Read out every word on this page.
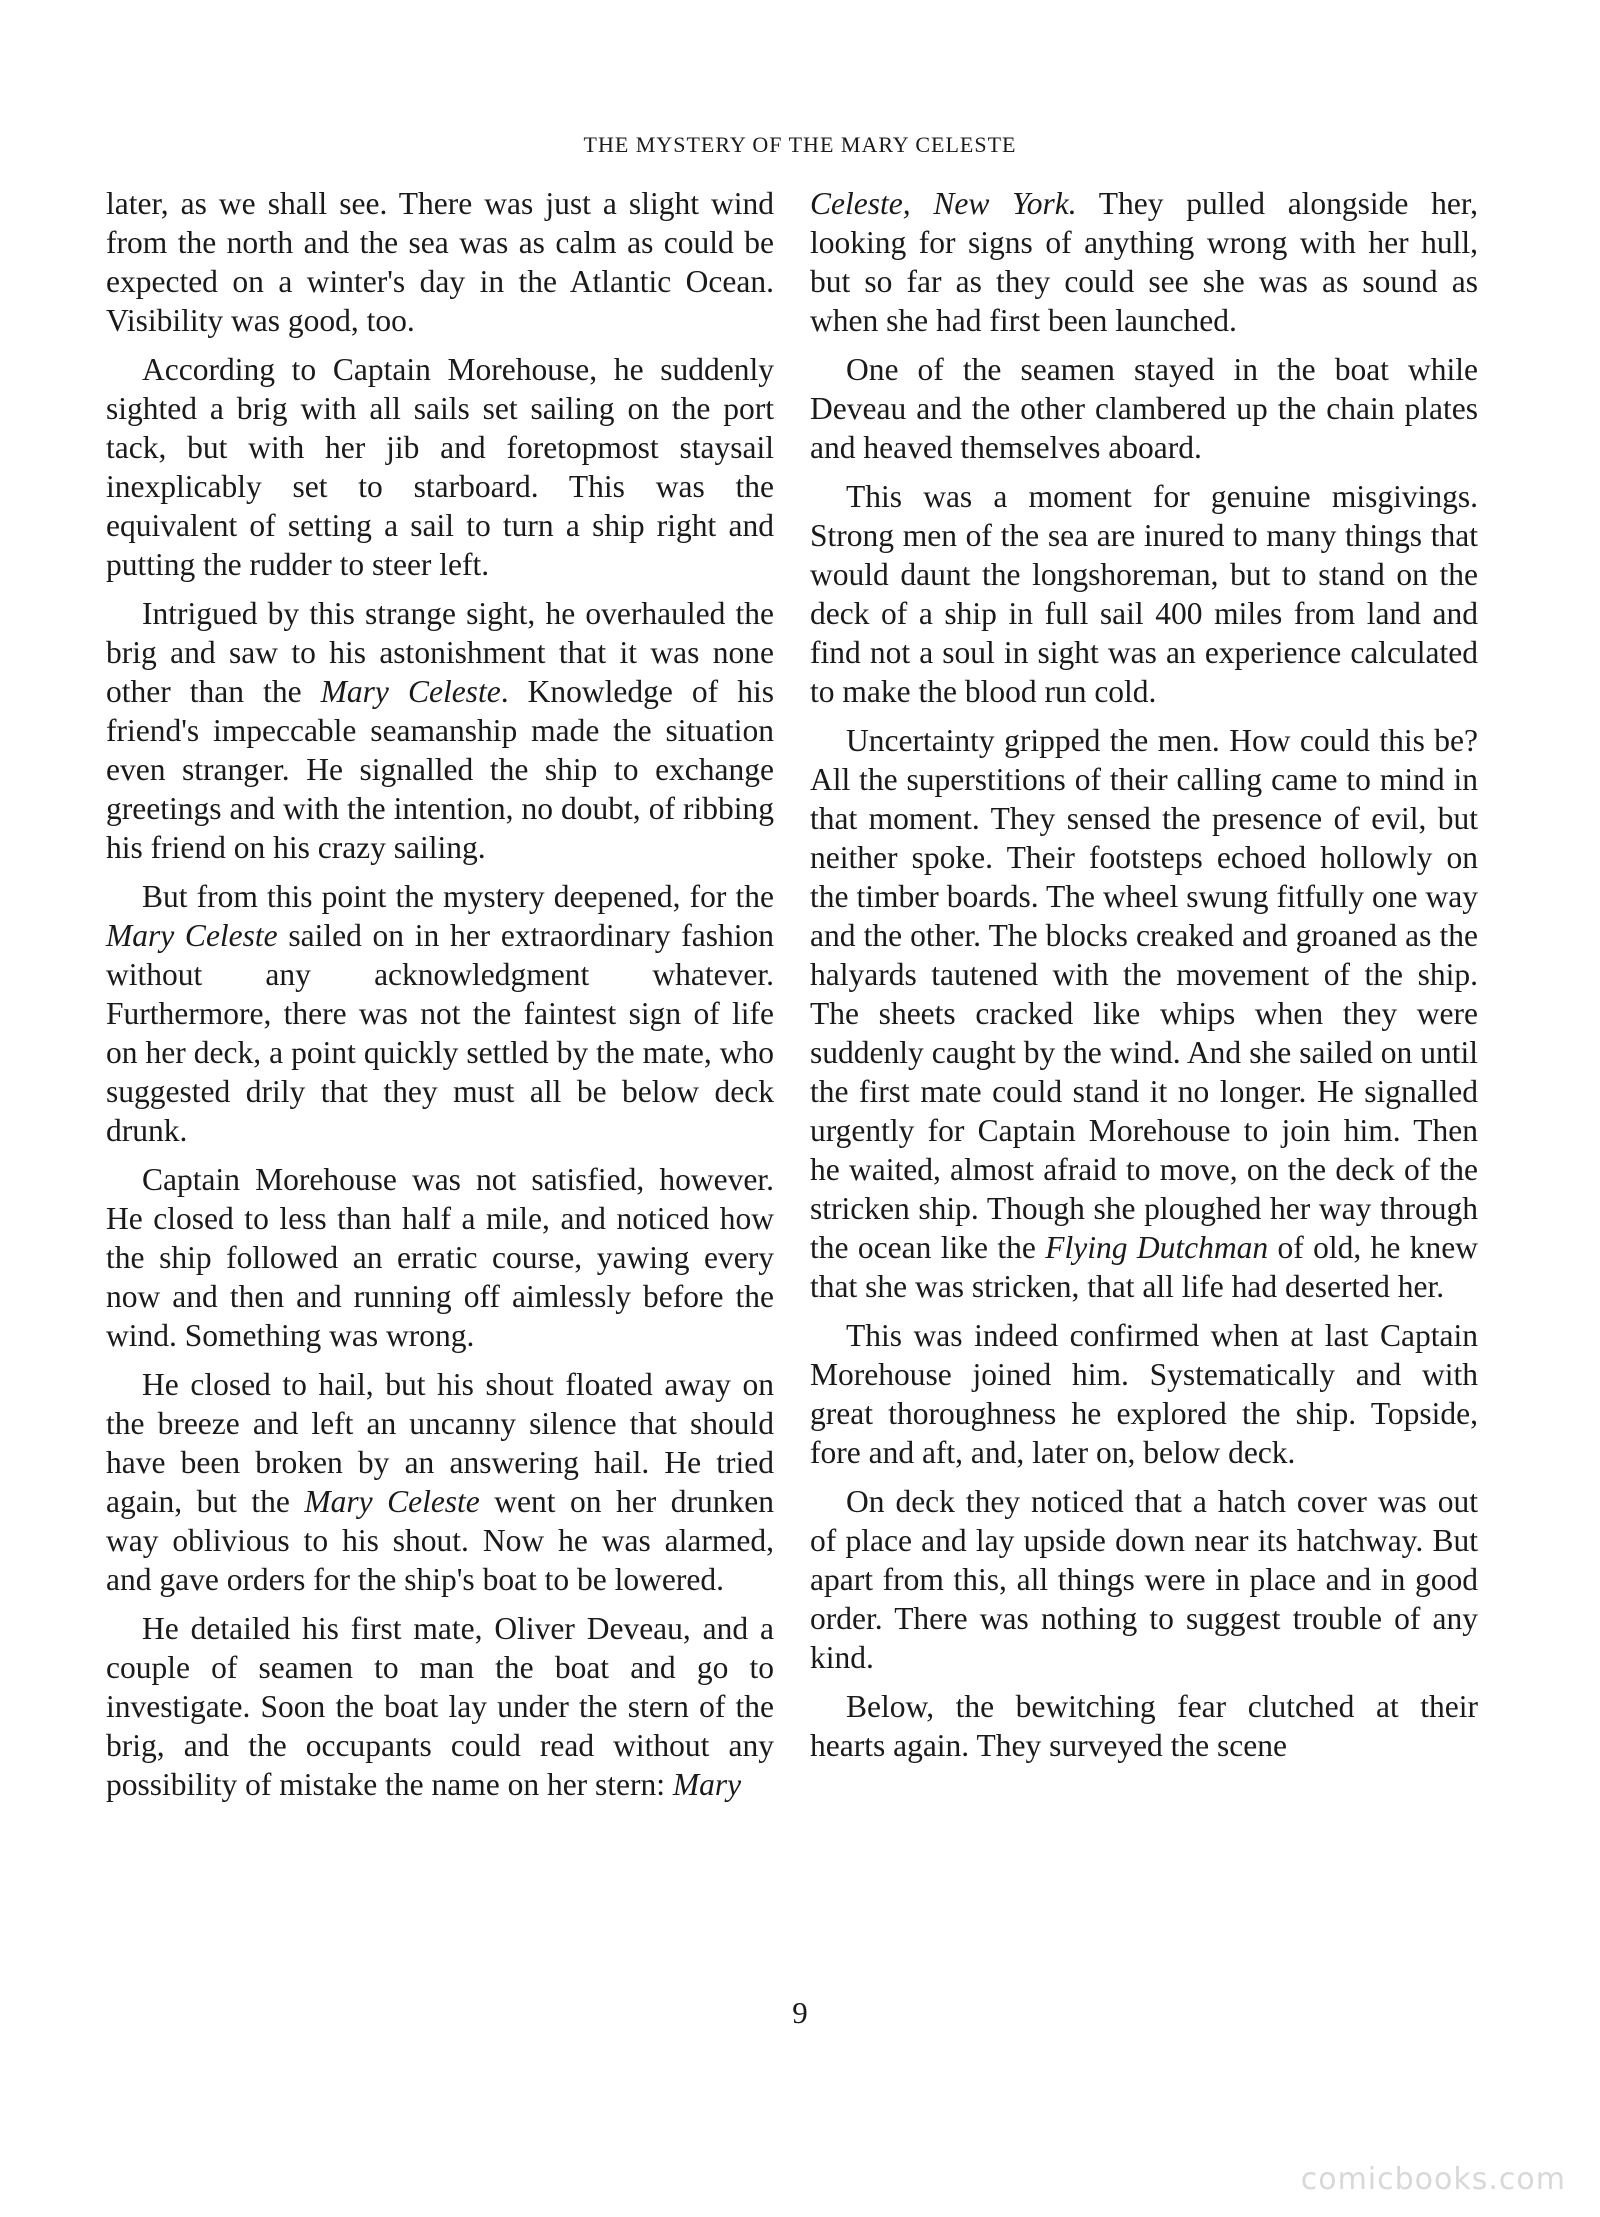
THE MYSTERY OF THE MARY CELESTE

later, as we shall see. There was just a slight wind from the north and the sea was as calm as could be expected on a winter's day in the Atlantic Ocean. Visibility was good, too.

According to Captain Morehouse, he suddenly sighted a brig with all sails set sailing on the port tack, but with her jib and foretopmost staysail inexplicably set to starboard. This was the equivalent of setting a sail to turn a ship right and putting the rudder to steer left.

Intrigued by this strange sight, he overhauled the brig and saw to his astonishment that it was none other than the Mary Celeste. Knowledge of his friend's impeccable seamanship made the situation even stranger. He signalled the ship to exchange greetings and with the intention, no doubt, of ribbing his friend on his crazy sailing.

But from this point the mystery deepened, for the Mary Celeste sailed on in her extraordinary fashion without any acknowledgment whatever. Furthermore, there was not the faintest sign of life on her deck, a point quickly settled by the mate, who suggested drily that they must all be below deck drunk.

Captain Morehouse was not satisfied, however. He closed to less than half a mile, and noticed how the ship followed an erratic course, yawing every now and then and running off aimlessly before the wind. Something was wrong.

He closed to hail, but his shout floated away on the breeze and left an uncanny silence that should have been broken by an answering hail. He tried again, but the Mary Celeste went on her drunken way oblivious to his shout. Now he was alarmed, and gave orders for the ship's boat to be lowered.

He detailed his first mate, Oliver Deveau, and a couple of seamen to man the boat and go to investigate. Soon the boat lay under the stern of the brig, and the occupants could read without any possibility of mistake the name on her stern: Mary

Celeste, New York. They pulled alongside her, looking for signs of anything wrong with her hull, but so far as they could see she was as sound as when she had first been launched.

One of the seamen stayed in the boat while Deveau and the other clambered up the chain plates and heaved themselves aboard.

This was a moment for genuine misgivings. Strong men of the sea are inured to many things that would daunt the longshoreman, but to stand on the deck of a ship in full sail 400 miles from land and find not a soul in sight was an experience calculated to make the blood run cold.

Uncertainty gripped the men. How could this be? All the superstitions of their calling came to mind in that moment. They sensed the presence of evil, but neither spoke. Their footsteps echoed hollowly on the timber boards. The wheel swung fitfully one way and the other. The blocks creaked and groaned as the halyards tautened with the movement of the ship. The sheets cracked like whips when they were suddenly caught by the wind. And she sailed on until the first mate could stand it no longer. He signalled urgently for Captain Morehouse to join him. Then he waited, almost afraid to move, on the deck of the stricken ship. Though she ploughed her way through the ocean like the Flying Dutchman of old, he knew that she was stricken, that all life had deserted her.

This was indeed confirmed when at last Captain Morehouse joined him. Systematically and with great thoroughness he explored the ship. Topside, fore and aft, and, later on, below deck.

On deck they noticed that a hatch cover was out of place and lay upside down near its hatchway. But apart from this, all things were in place and in good order. There was nothing to suggest trouble of any kind.

Below, the bewitching fear clutched at their hearts again. They surveyed the scene

9
comicbooks.com
